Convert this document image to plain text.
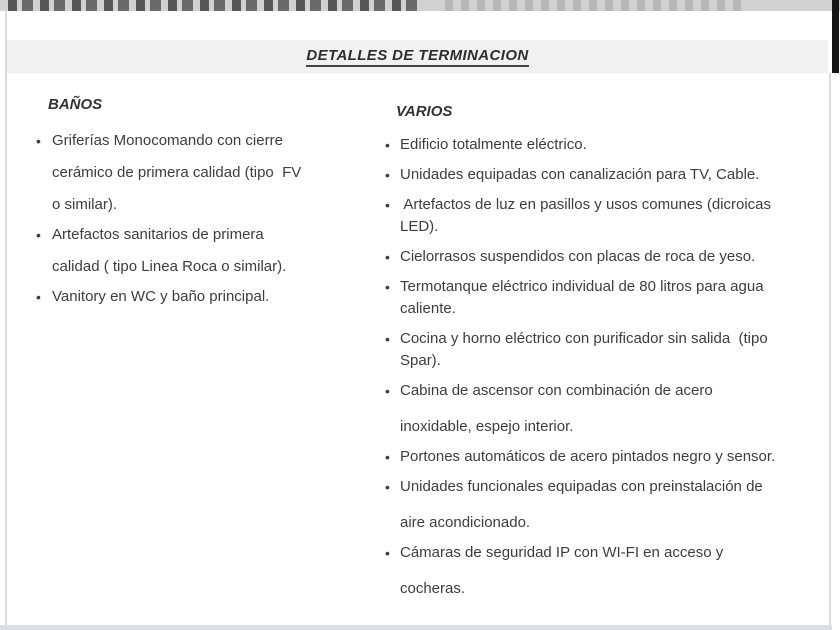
DETALLES DE TERMINACION
BAÑOS
• Griferías Monocomando con cierre
cerámico de primera calidad (tipo  FV
o similar).
• Artefactos sanitarios de primera
calidad ( tipo Linea Roca o similar).
• Vanitory en WC y baño principal.
VARIOS
• Edificio totalmente eléctrico.
• Unidades equipadas con canalización para TV, Cable.
•  Artefactos de luz en pasillos y usos comunes (dicroicas
LED).
• Cielorrasos suspendidos con placas de roca de yeso.
• Termotanque eléctrico individual de 80 litros para agua
caliente.
• Cocina y horno eléctrico con purificador sin salida  (tipo
Spar).
• Cabina de ascensor con combinación de acero
inoxidable, espejo interior.
• Portones automáticos de acero pintados negro y sensor.
• Unidades funcionales equipadas con preinstalación de
aire acondicionado.
• Cámaras de seguridad IP con WI-FI en acceso y
cocheras.
